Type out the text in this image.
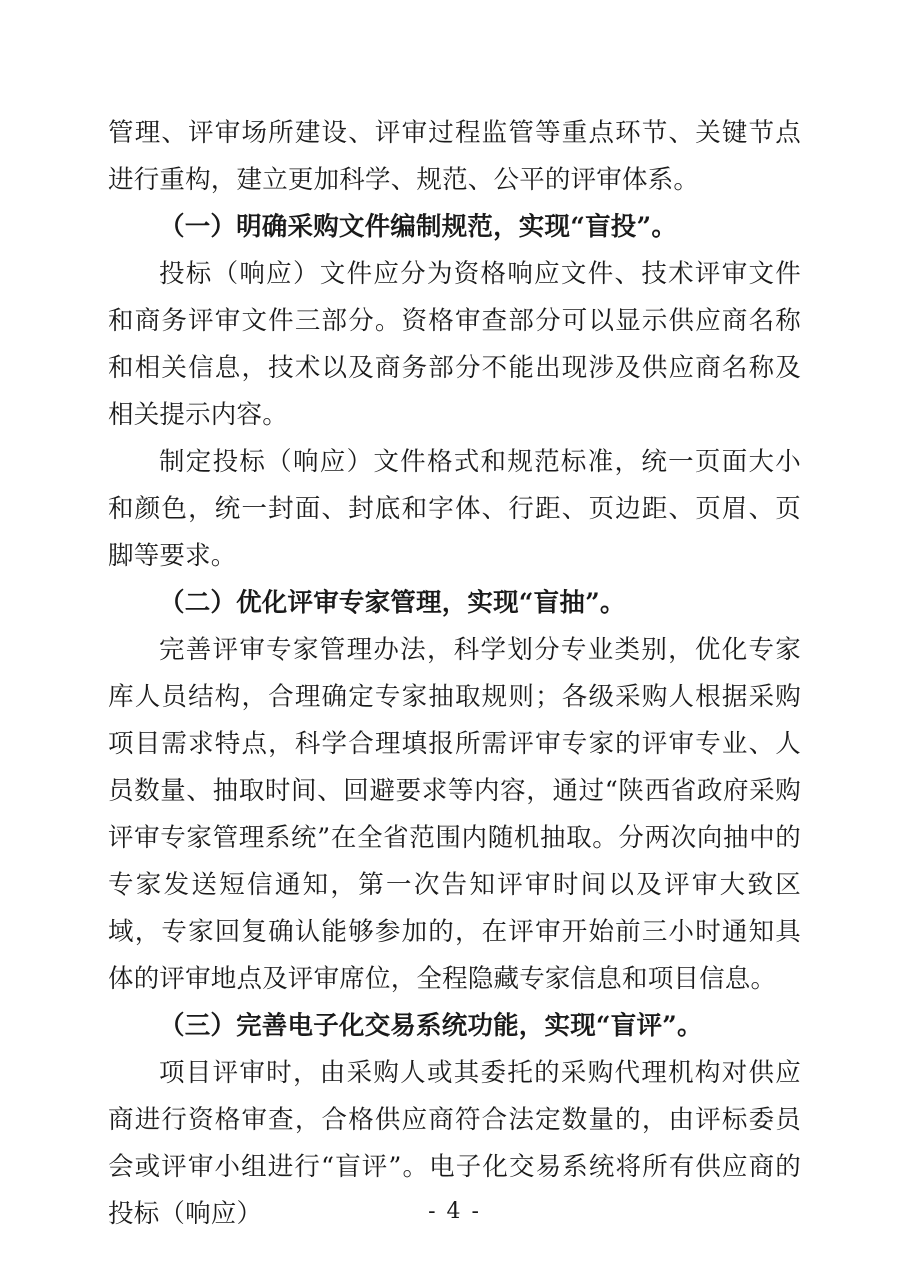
管理、评审场所建设、评审过程监管等重点环节、关键节点进行重构，建立更加科学、规范、公平的评审体系。

（一）明确采购文件编制规范，实现“盲投”。

投标（响应）文件应分为资格响应文件、技术评审文件和商务评审文件三部分。资格审查部分可以显示供应商名称和相关信息，技术以及商务部分不能出现涉及供应商名称及相关提示内容。

制定投标（响应）文件格式和规范标准，统一页面大小和颜色，统一封面、封底和字体、行距、页边距、页眉、页脚等要求。

（二）优化评审专家管理，实现“盲抽”。

完善评审专家管理办法，科学划分专业类别，优化专家库人员结构，合理确定专家抽取规则；各级采购人根据采购项目需求特点，科学合理填报所需评审专家的评审专业、人员数量、抽取时间、回避要求等内容，通过“陕西省政府采购评审专家管理系统”在全省范围内随机抽取。分两次向抽中的专家发送短信通知，第一次告知评审时间以及评审大致区域，专家回复确认能够参加的，在评审开始前三小时通知具体的评审地点及评审席位，全程隐藏专家信息和项目信息。

（三）完善电子化交易系统功能，实现“盲评”。

项目评审时，由采购人或其委托的采购代理机构对供应商进行资格审查，合格供应商符合法定数量的，由评标委员会或评审小组进行“盲评”。电子化交易系统将所有供应商的投标（响应）	- 4 -
